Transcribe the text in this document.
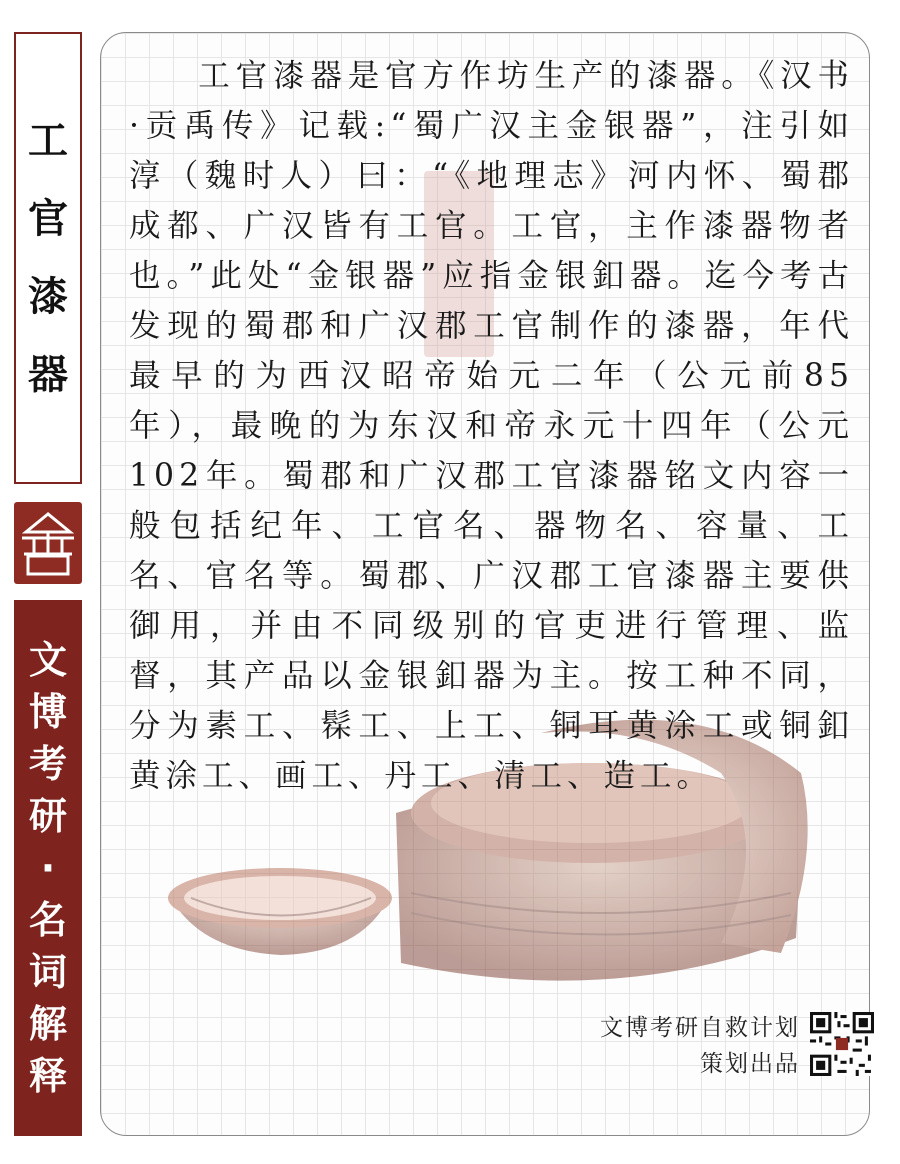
工
官
漆
器
文
博
考
研
·
名
词
解
释

工官漆器是官方作坊生产的漆器。《汉书·贡禹传》记载:“蜀广汉主金银器”，注引如淳（魏时人）曰：“《地理志》河内怀、蜀郡成都、广汉皆有工官。工官，主作漆器物者也。”此处“金银器”应指金银釦器。迄今考古发现的蜀郡和广汉郡工官制作的漆器，年代最早的为西汉昭帝始元二年（公元前85年），最晚的为东汉和帝永元十四年（公元102年。蜀郡和广汉郡工官漆器铭文内容一般包括纪年、工官名、器物名、容量、工名、官名等。蜀郡、广汉郡工官漆器主要供御用，并由不同级别的官吏进行管理、监督，其产品以金银釦器为主。按工种不同，分为素工、髹工、上工、铜耳黄涂工或铜釦黄涂工、画工、丹工、清工、造工。

文博考研自救计划
策划出品
